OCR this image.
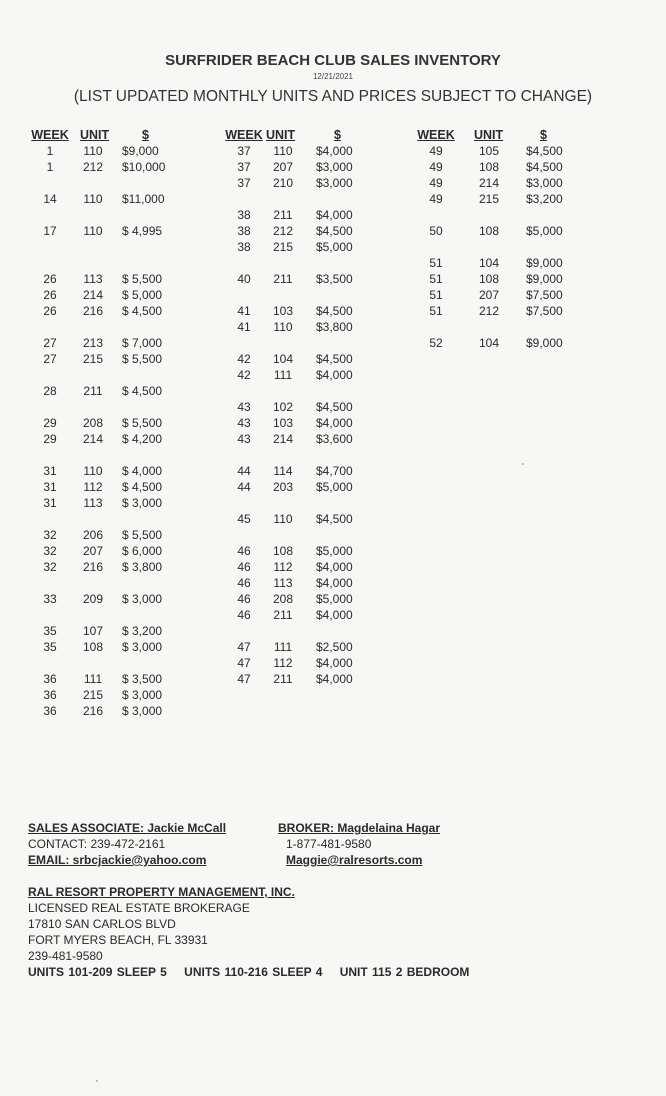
SURFRIDER BEACH CLUB SALES INVENTORY
12/21/2021
(LIST UPDATED MONTHLY UNITS AND PRICES SUBJECT TO CHANGE)
WEEK UNIT	$
1	110	$9,000
1	212	$10,000
14	110	$11,000
17	110	$ 4,995
26	113	$ 5,500
26	214	$ 5,000
26	216	$ 4,500
27	213	$ 7,000
27	215	$ 5,500
28	211	$ 4,500
29	208	$ 5,500
29	214	$ 4,200
31	110	$ 4,000
31	112	$ 4,500
31	113	$ 3,000
32	206	$ 5,500
32	207	$ 6,000
32	216	$ 3,800
33	209	$ 3,000
35	107	$ 3,200
35	108	$ 3,000
36	111	$ 3,500
36	215	$ 3,000
36	216	$ 3,000
WEEK UNIT	$
37	110	$4,000
37	207	$3,000
37	210	$3,000
38	211	$4,000
38	212	$4,500
38	215	$5,000
40	211	$3,500
41	103	$4,500
41	110	$3,800
42	104	$4,500
42	111	$4,000
43	102	$4,500
43	103	$4,000
43	214	$3,600
44	114	$4,700
44	203	$5,000
45	110	$4,500
46	108	$5,000
46	112	$4,000
46	113	$4,000
46	208	$5,000
46	211	$4,000
47	111	$2,500
47	112	$4,000
47	211	$4,000
WEEK UNIT	$
49	105	$4,500
49	108	$4,500
49	214	$3,000
49	215	$3,200
50	108	$5,000
51	104	$9,000
51	108	$9,000
51	207	$7,500
51	212	$7,500
52	104	$9,000
SALES ASSOCIATE: Jackie McCall	BROKER: Magdelaina Hagar
CONTACT: 239-472-2161	1-877-481-9580
EMAIL: srbcjackie@yahoo.com	Maggie@ralresorts.com
RAL RESORT PROPERTY MANAGEMENT, INC.
LICENSED REAL ESTATE BROKERAGE
17810 SAN CARLOS BLVD
FORT MYERS BEACH, FL 33931
239-481-9580
UNITS 101-209 SLEEP 5    UNITS 110-216 SLEEP 4    UNIT 115 2 BEDROOM
